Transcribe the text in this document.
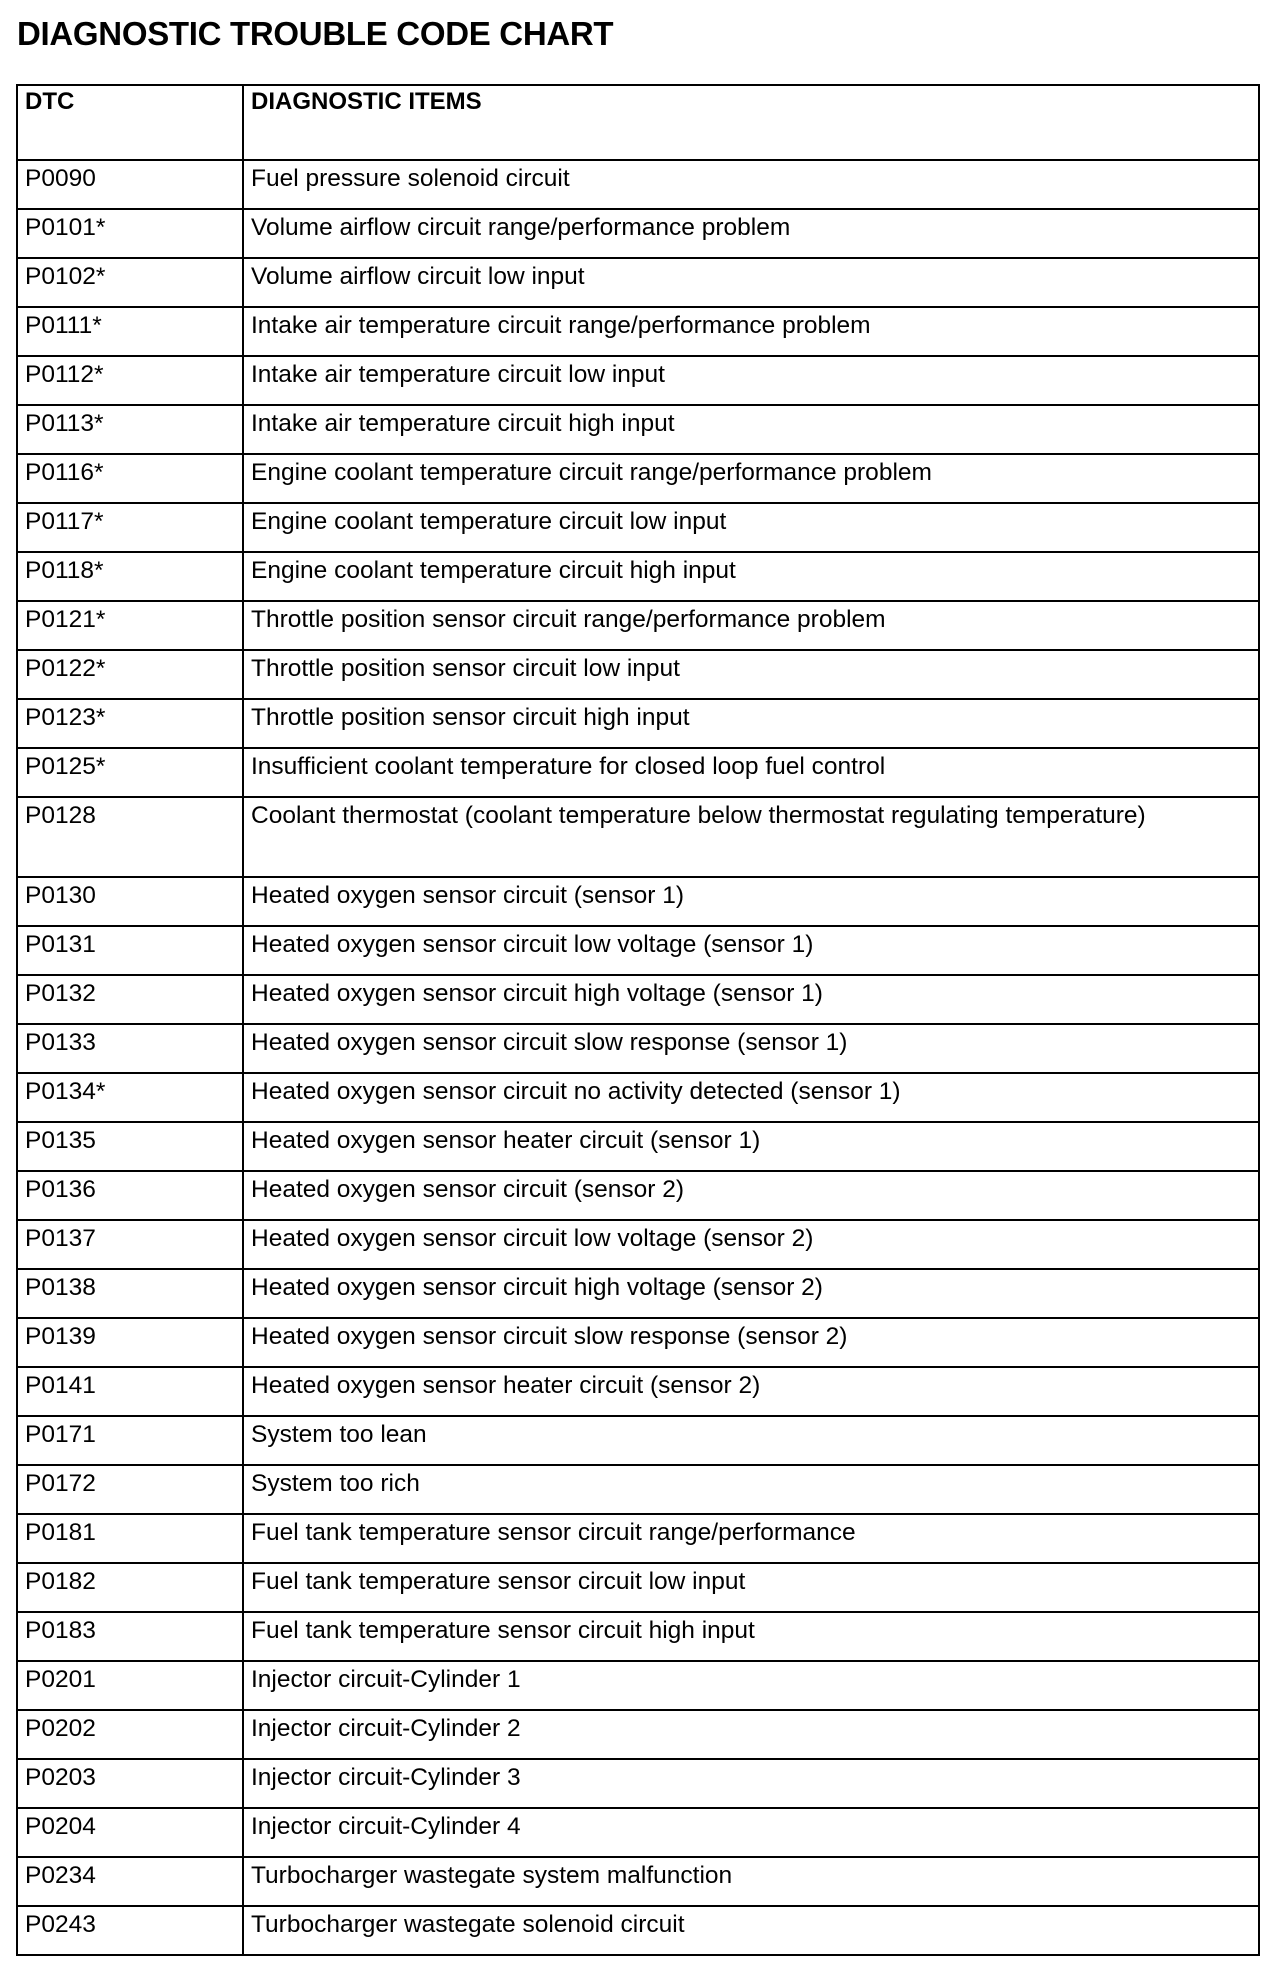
DIAGNOSTIC TROUBLE CODE CHART
DTC	DIAGNOSTIC ITEMS
P0090	Fuel pressure solenoid circuit
P0101*	Volume airflow circuit range/performance problem
P0102*	Volume airflow circuit low input
P0111*	Intake air temperature circuit range/performance problem
P0112*	Intake air temperature circuit low input
P0113*	Intake air temperature circuit high input
P0116*	Engine coolant temperature circuit range/performance problem
P0117*	Engine coolant temperature circuit low input
P0118*	Engine coolant temperature circuit high input
P0121*	Throttle position sensor circuit range/performance problem
P0122*	Throttle position sensor circuit low input
P0123*	Throttle position sensor circuit high input
P0125*	Insufficient coolant temperature for closed loop fuel control
P0128	Coolant thermostat (coolant temperature below thermostat regulating temperature)
P0130	Heated oxygen sensor circuit (sensor 1)
P0131	Heated oxygen sensor circuit low voltage (sensor 1)
P0132	Heated oxygen sensor circuit high voltage (sensor 1)
P0133	Heated oxygen sensor circuit slow response (sensor 1)
P0134*	Heated oxygen sensor circuit no activity detected (sensor 1)
P0135	Heated oxygen sensor heater circuit (sensor 1)
P0136	Heated oxygen sensor circuit (sensor 2)
P0137	Heated oxygen sensor circuit low voltage (sensor 2)
P0138	Heated oxygen sensor circuit high voltage (sensor 2)
P0139	Heated oxygen sensor circuit slow response (sensor 2)
P0141	Heated oxygen sensor heater circuit (sensor 2)
P0171	System too lean
P0172	System too rich
P0181	Fuel tank temperature sensor circuit range/performance
P0182	Fuel tank temperature sensor circuit low input
P0183	Fuel tank temperature sensor circuit high input
P0201	Injector circuit-Cylinder 1
P0202	Injector circuit-Cylinder 2
P0203	Injector circuit-Cylinder 3
P0204	Injector circuit-Cylinder 4
P0234	Turbocharger wastegate system malfunction
P0243	Turbocharger wastegate solenoid circuit
